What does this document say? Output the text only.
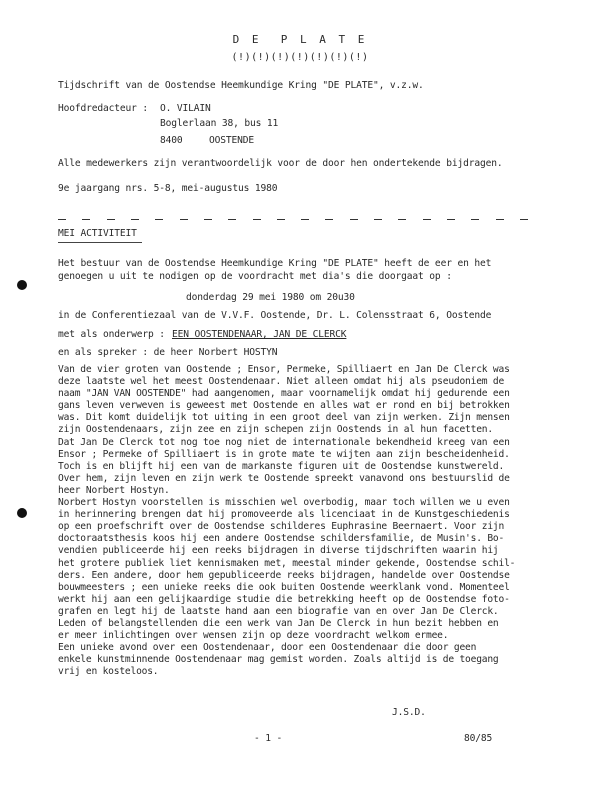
D E  P L A T E
(!)(!)(!)(!)(!)(!)(!)
Tijdschrift van de Oostendse Heemkundige Kring "DE PLATE", v.z.w.
Hoofdredacteur : O. VILAIN
Boglerlaan 38, bus 11
8400	OOSTENDE
Alle medewerkers zijn verantwoordelijk voor de door hen ondertekende bijdragen.
9e jaargang nrs. 5-8, mei-augustus 1980
MEI ACTIVITEIT
Het bestuur van de Oostendse Heemkundige Kring "DE PLATE" heeft de eer en het
genoegen u uit te nodigen op de voordracht met dia's die doorgaat op :
donderdag 29 mei 1980 om 20u30
in de Conferentiezaal van de V.V.F. Oostende, Dr. L. Colensstraat 6, Oostende
met als onderwerp : EEN OOSTENDENAAR, JAN DE CLERCK
en als spreker : de heer Norbert HOSTYN
Van de vier groten van Oostende ; Ensor, Permeke, Spilliaert en Jan De Clerck was
deze laatste wel het meest Oostendenaar. Niet alleen omdat hij als pseudoniem de
naam "JAN VAN OOSTENDE" had aangenomen, maar voornamelijk omdat hij gedurende een
gans leven verweven is geweest met Oostende en alles wat er rond en bij betrokken
was. Dit komt duidelijk tot uiting in een groot deel van zijn werken. Zijn mensen
zijn Oostendenaars, zijn zee en zijn schepen zijn Oostends in al hun facetten.
Dat Jan De Clerck tot nog toe nog niet de internationale bekendheid kreeg van een
Ensor ; Permeke of Spilliaert is in grote mate te wijten aan zijn bescheidenheid.
Toch is en blijft hij een van de markanste figuren uit de Oostendse kunstwereld.
Over hem, zijn leven en zijn werk te Oostende spreekt vanavond ons bestuurslid de
heer Norbert Hostyn.
Norbert Hostyn voorstellen is misschien wel overbodig, maar toch willen we u even
in herinnering brengen dat hij promoveerde als licenciaat in de Kunstgeschiedenis
op een proefschrift over de Oostendse schilderes Euphrasine Beernaert. Voor zijn
doctoraatsthesis koos hij een andere Oostendse schildersfamilie, de Musin's. Bo-
vendien publiceerde hij een reeks bijdragen in diverse tijdschriften waarin hij
het grotere publiek liet kennismaken met, meestal minder gekende, Oostendse schil-
ders. Een andere, door hem gepubliceerde reeks bijdragen, handelde over Oostendse
bouwmeesters ; een unieke reeks die ook buiten Oostende weerklank vond. Momenteel
werkt hij aan een gelijkaardige studie die betrekking heeft op de Oostendse foto-
grafen en legt hij de laatste hand aan een biografie van en over Jan De Clerck.
Leden of belangstellenden die een werk van Jan De Clerck in hun bezit hebben en
er meer inlichtingen over wensen zijn op deze voordracht welkom ermee.
Een unieke avond over een Oostendenaar, door een Oostendenaar die door geen
enkele kunstminnende Oostendenaar mag gemist worden. Zoals altijd is de toegang
vrij en kosteloos.
J.S.D.
- 1 -	80/85
